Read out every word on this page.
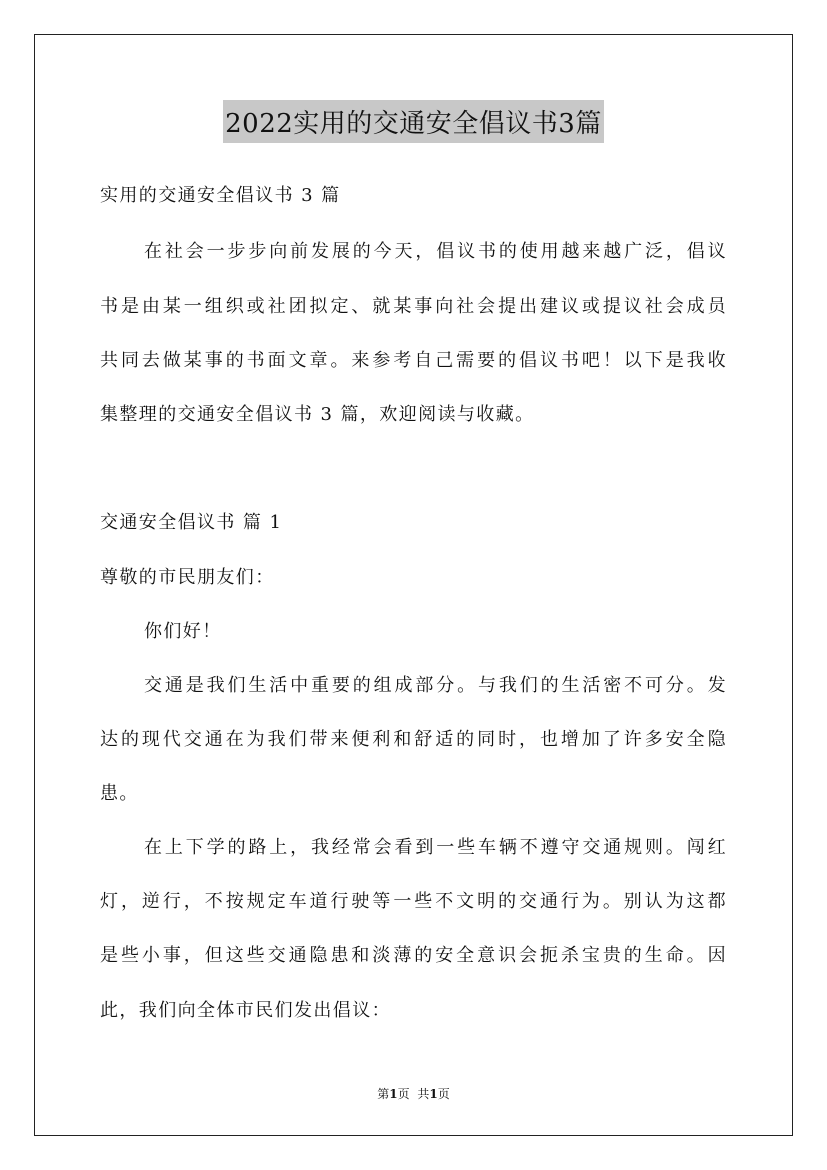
2022实用的交通安全倡议书3篇

实用的交通安全倡议书 3 篇

在社会一步步向前发展的今天，倡议书的使用越来越广泛，倡议

书是由某一组织或社团拟定、就某事向社会提出建议或提议社会成员

共同去做某事的书面文章。来参考自己需要的倡议书吧！以下是我收

集整理的交通安全倡议书 3 篇，欢迎阅读与收藏。

交通安全倡议书 篇 1

尊敬的市民朋友们：

你们好！

交通是我们生活中重要的组成部分。与我们的生活密不可分。发

达的现代交通在为我们带来便利和舒适的同时，也增加了许多安全隐

患。

在上下学的路上，我经常会看到一些车辆不遵守交通规则。闯红

灯，逆行，不按规定车道行驶等一些不文明的交通行为。别认为这都

是些小事，但这些交通隐患和淡薄的安全意识会扼杀宝贵的生命。因

此，我们向全体市民们发出倡议：

第1页 共1页
